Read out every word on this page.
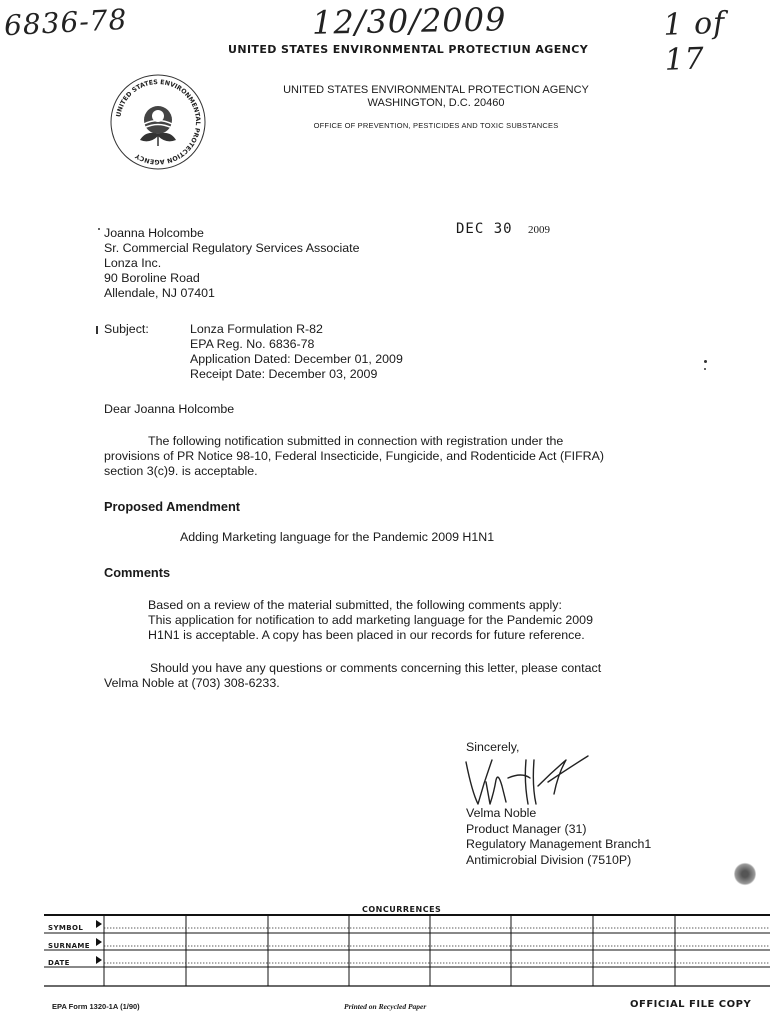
6836-78	12/30/2009	1 of 17
UNITED STATES ENVIRONMENTAL PROTECTIUN AGENCY
UNITED STATES ENVIRONMENTAL PROTECTION AGENCY
UNITED STATES ENVIRONMENTAL PROTECTION AGENCY
WASHINGTON, D.C. 20460
OFFICE OF PREVENTION, PESTICIDES AND TOXIC SUBSTANCES
Joanna Holcombe
Sr. Commercial Regulatory Services Associate
Lonza Inc.
90 Boroline Road
Allendale, NJ 07401
DEC 30 2009
Subject:	Lonza Formulation R-82
EPA Reg. No. 6836-78
Application Dated: December 01, 2009
Receipt Date: December 03, 2009
Dear Joanna Holcombe
The following notification submitted in connection with registration under the
provisions of PR Notice 98-10, Federal Insecticide, Fungicide, and Rodenticide Act (FIFRA)
section 3(c)9. is acceptable.
Proposed Amendment
Adding Marketing language for the Pandemic 2009 H1N1
Comments
Based on a review of the material submitted, the following comments apply:
This application for notification to add marketing language for the Pandemic 2009
H1N1 is acceptable. A copy has been placed in our records for future reference.
Should you have any questions or comments concerning this letter, please contact
Velma Noble at (703) 308-6233.
Sincerely,
Velma Noble
Product Manager (31)
Regulatory Management Branch1
Antimicrobial Division (7510P)
CONCURRENCES
SYMBOL
SURNAME
DATE
EPA Form 1320-1A (1/90)	Printed on Recycled Paper	OFFICIAL FILE COPY
